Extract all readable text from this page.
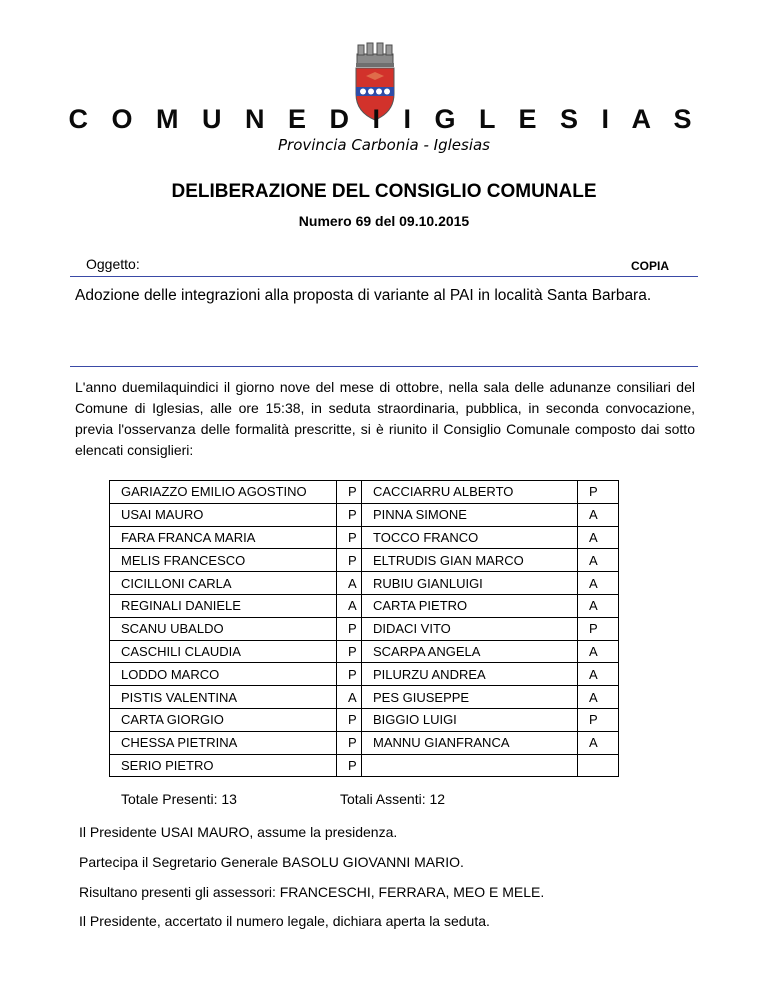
C O M U N E D I I G L E S I A S
Provincia Carbonia - Iglesias
DELIBERAZIONE DEL CONSIGLIO COMUNALE
Numero 69 del 09.10.2015
Oggetto:	COPIA
Adozione delle integrazioni alla proposta di variante al PAI in località Santa Barbara.
L'anno duemilaquindici il giorno nove del mese di ottobre, nella sala delle adunanze consiliari del Comune di Iglesias, alle ore 15:38, in seduta straordinaria, pubblica, in seconda convocazione, previa l'osservanza delle formalità prescritte, si è riunito il Consiglio Comunale composto dai sotto elencati consiglieri:
GARIAZZO EMILIO AGOSTINO	P	CACCIARRU ALBERTO	P
USAI MAURO	P	PINNA SIMONE	A
FARA FRANCA MARIA	P	TOCCO FRANCO	A
MELIS FRANCESCO	P	ELTRUDIS GIAN MARCO	A
CICILLONI CARLA	A	RUBIU GIANLUIGI	A
REGINALI DANIELE	A	CARTA PIETRO	A
SCANU UBALDO	P	DIDACI VITO	P
CASCHILI CLAUDIA	P	SCARPA ANGELA	A
LODDO MARCO	P	PILURZU ANDREA	A
PISTIS VALENTINA	A	PES GIUSEPPE	A
CARTA GIORGIO	P	BIGGIO LUIGI	P
CHESSA PIETRINA	P	MANNU GIANFRANCA	A
SERIO PIETRO	P		
Totale Presenti: 13	Totali Assenti: 12
Il Presidente USAI MAURO, assume la presidenza.
Partecipa il Segretario Generale BASOLU GIOVANNI MARIO.
Risultano presenti gli assessori: FRANCESCHI, FERRARA, MEO E MELE.
Il Presidente, accertato il numero legale, dichiara aperta la seduta.
